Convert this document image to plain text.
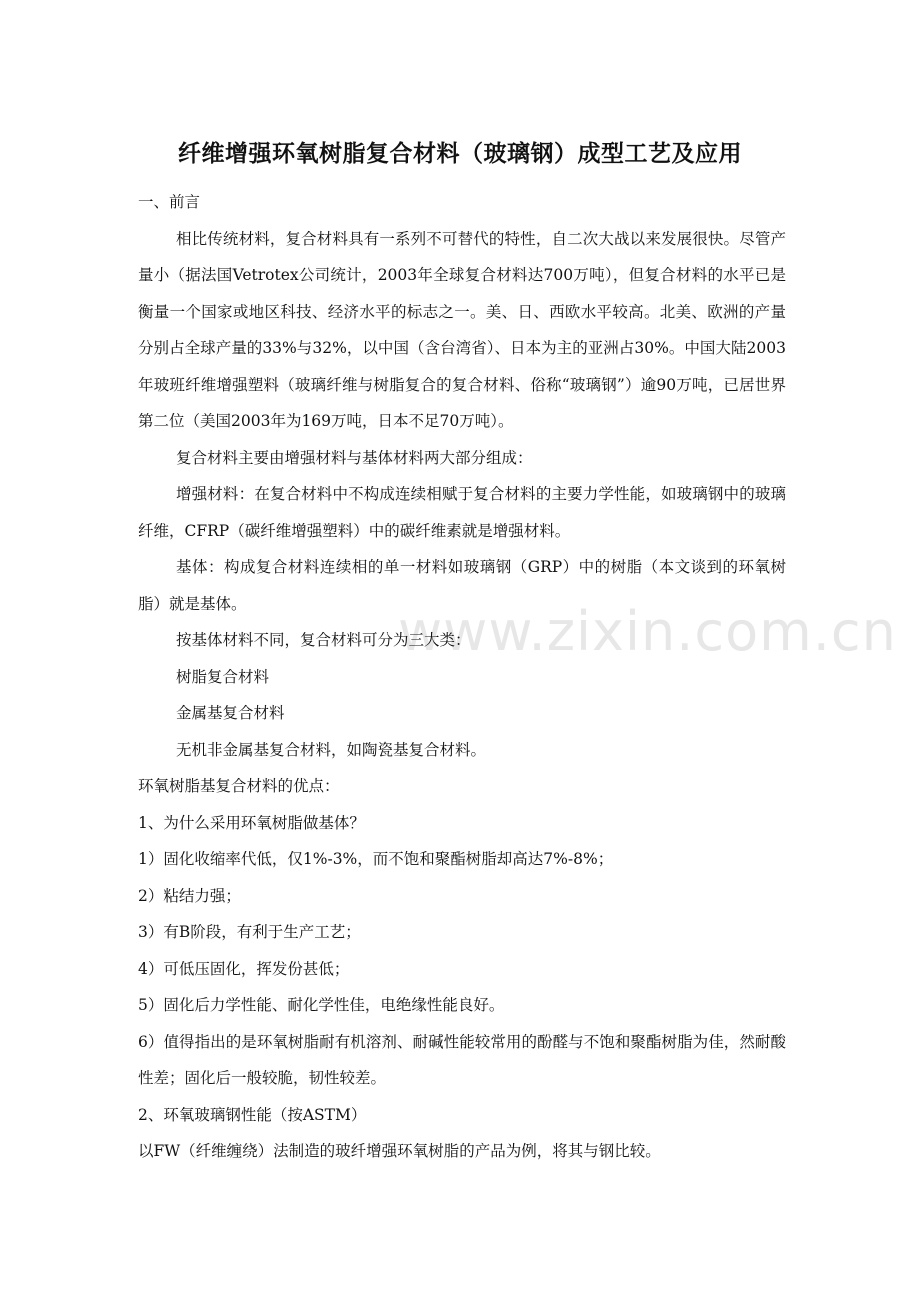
www.zixin.com.cn
纤维增强环氧树脂复合材料（玻璃钢）成型工艺及应用

一、前言

相比传统材料，复合材料具有一系列不可替代的特性，自二次大战以来发展很快。尽管产量小（据法国Vetrotex公司统计，2003年全球复合材料达700万吨），但复合材料的水平已是衡量一个国家或地区科技、经济水平的标志之一。美、日、西欧水平较高。北美、欧洲的产量分别占全球产量的33%与32%，以中国（含台湾省）、日本为主的亚洲占30%。中国大陆2003年玻班纤维增强塑料（玻璃纤维与树脂复合的复合材料、俗称“玻璃钢”）逾90万吨，已居世界第二位（美国2003年为169万吨，日本不足70万吨）。

复合材料主要由增强材料与基体材料两大部分组成：

增强材料：在复合材料中不构成连续相赋于复合材料的主要力学性能，如玻璃钢中的玻璃纤维，CFRP（碳纤维增强塑料）中的碳纤维素就是增强材料。

基体：构成复合材料连续相的单一材料如玻璃钢（GRP）中的树脂（本文谈到的环氧树脂）就是基体。

按基体材料不同，复合材料可分为三大类：

树脂复合材料

金属基复合材料

无机非金属基复合材料，如陶瓷基复合材料。

环氧树脂基复合材料的优点：

1、为什么采用环氧树脂做基体？

1）固化收缩率代低，仅1%-3%，而不饱和聚酯树脂却高达7%-8%；

2）粘结力强；

3）有B阶段，有利于生产工艺；

4）可低压固化，挥发份甚低；

5）固化后力学性能、耐化学性佳，电绝缘性能良好。

6）值得指出的是环氧树脂耐有机溶剂、耐碱性能较常用的酚醛与不饱和聚酯树脂为佳，然耐酸性差；固化后一般较脆，韧性较差。

2、环氧玻璃钢性能（按ASTM）

以FW（纤维缠绕）法制造的玻纤增强环氧树脂的产品为例，将其与钢比较。
